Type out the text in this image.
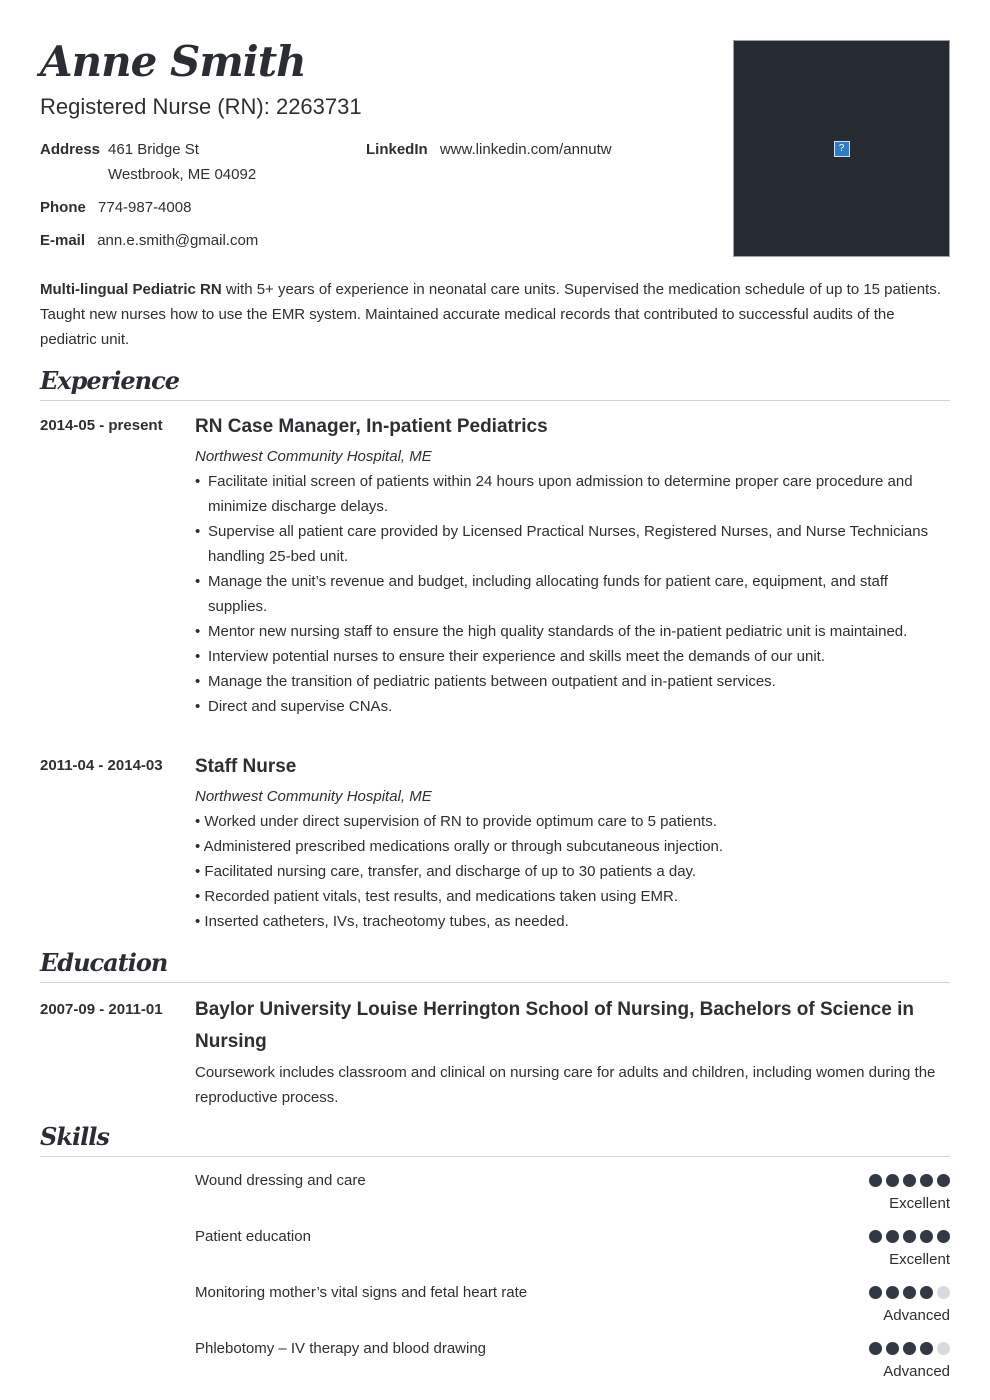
Anne Smith
Registered Nurse (RN): 2263731
Address 461 Bridge St
Westbrook, ME 04092
LinkedIn www.linkedin.com/annutw
Phone 774-987-4008
E-mail ann.e.smith@gmail.com
?
Multi-lingual Pediatric RN with 5+ years of experience in neonatal care units. Supervised the medication schedule of up to 15 patients. Taught new nurses how to use the EMR system. Maintained accurate medical records that contributed to successful audits of the pediatric unit.
Experience
2014-05 - present RN Case Manager, In-patient Pediatrics
Northwest Community Hospital, ME
• Facilitate initial screen of patients within 24 hours upon admission to determine proper care procedure and minimize discharge delays.
• Supervise all patient care provided by Licensed Practical Nurses, Registered Nurses, and Nurse Technicians handling 25-bed unit.
• Manage the unit’s revenue and budget, including allocating funds for patient care, equipment, and staff supplies.
• Mentor new nursing staff to ensure the high quality standards of the in-patient pediatric unit is maintained.
• Interview potential nurses to ensure their experience and skills meet the demands of our unit.
• Manage the transition of pediatric patients between outpatient and in-patient services.
• Direct and supervise CNAs.
2011-04 - 2014-03 Staff Nurse
Northwest Community Hospital, ME
• Worked under direct supervision of RN to provide optimum care to 5 patients.
• Administered prescribed medications orally or through subcutaneous injection.
• Facilitated nursing care, transfer, and discharge of up to 30 patients a day.
• Recorded patient vitals, test results, and medications taken using EMR.
• Inserted catheters, IVs, tracheotomy tubes, as needed.
Education
2007-09 - 2011-01 Baylor University Louise Herrington School of Nursing, Bachelors of Science in Nursing
Coursework includes classroom and clinical on nursing care for adults and children, including women during the reproductive process.
Skills
Wound dressing and care
Excellent
Patient education
Excellent
Monitoring mother’s vital signs and fetal heart rate
Advanced
Phlebotomy – IV therapy and blood drawing
Advanced
